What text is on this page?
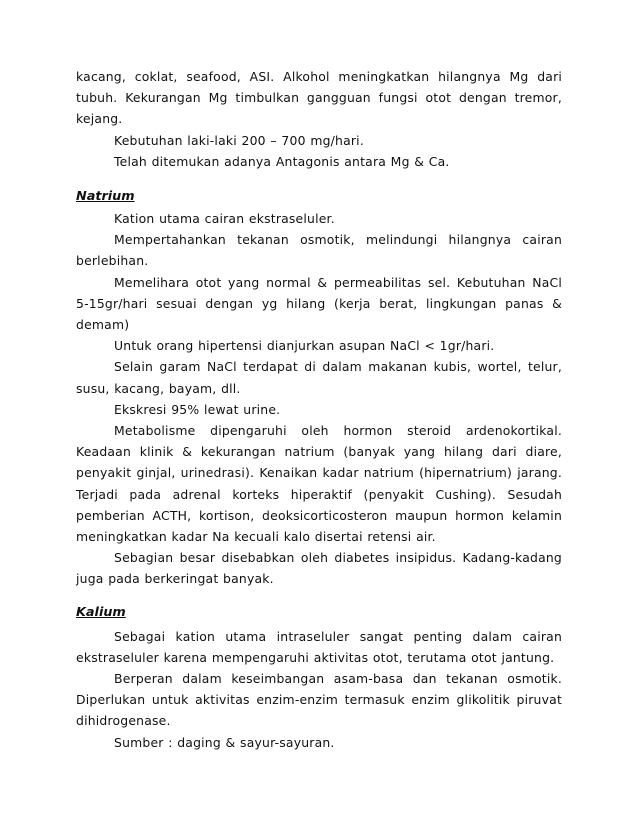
kacang, coklat, seafood, ASI. Alkohol meningkatkan hilangnya Mg dari tubuh. Kekurangan Mg timbulkan gangguan fungsi otot dengan tremor, kejang.

Kebutuhan laki-laki 200 – 700 mg/hari.

Telah ditemukan adanya Antagonis antara Mg & Ca.

Natrium

Kation utama cairan ekstraseluler.

Mempertahankan tekanan osmotik, melindungi hilangnya cairan berlebihan.

Memelihara otot yang normal & permeabilitas sel. Kebutuhan NaCl 5-15gr/hari sesuai dengan yg hilang (kerja berat, lingkungan panas & demam)

Untuk orang hipertensi dianjurkan asupan NaCl < 1gr/hari.

Selain garam NaCl terdapat di dalam makanan kubis, wortel, telur, susu, kacang, bayam, dll.

Ekskresi 95% lewat urine.

Metabolisme dipengaruhi oleh hormon steroid ardenokortikal. Keadaan klinik & kekurangan natrium (banyak yang hilang dari diare, penyakit ginjal, urinedrasi). Kenaikan kadar natrium (hipernatrium) jarang. Terjadi pada adrenal korteks hiperaktif (penyakit Cushing). Sesudah pemberian ACTH, kortison, deoksicorticosteron maupun hormon kelamin meningkatkan kadar Na kecuali kalo disertai retensi air.

Sebagian besar disebabkan oleh diabetes insipidus. Kadang-kadang juga pada berkeringat banyak.

Kalium

Sebagai kation utama intraseluler sangat penting dalam cairan ekstraseluler karena mempengaruhi aktivitas otot, terutama otot jantung.

Berperan dalam keseimbangan asam-basa dan tekanan osmotik. Diperlukan untuk aktivitas enzim-enzim termasuk enzim glikolitik piruvat dihidrogenase.

Sumber : daging & sayur-sayuran.
